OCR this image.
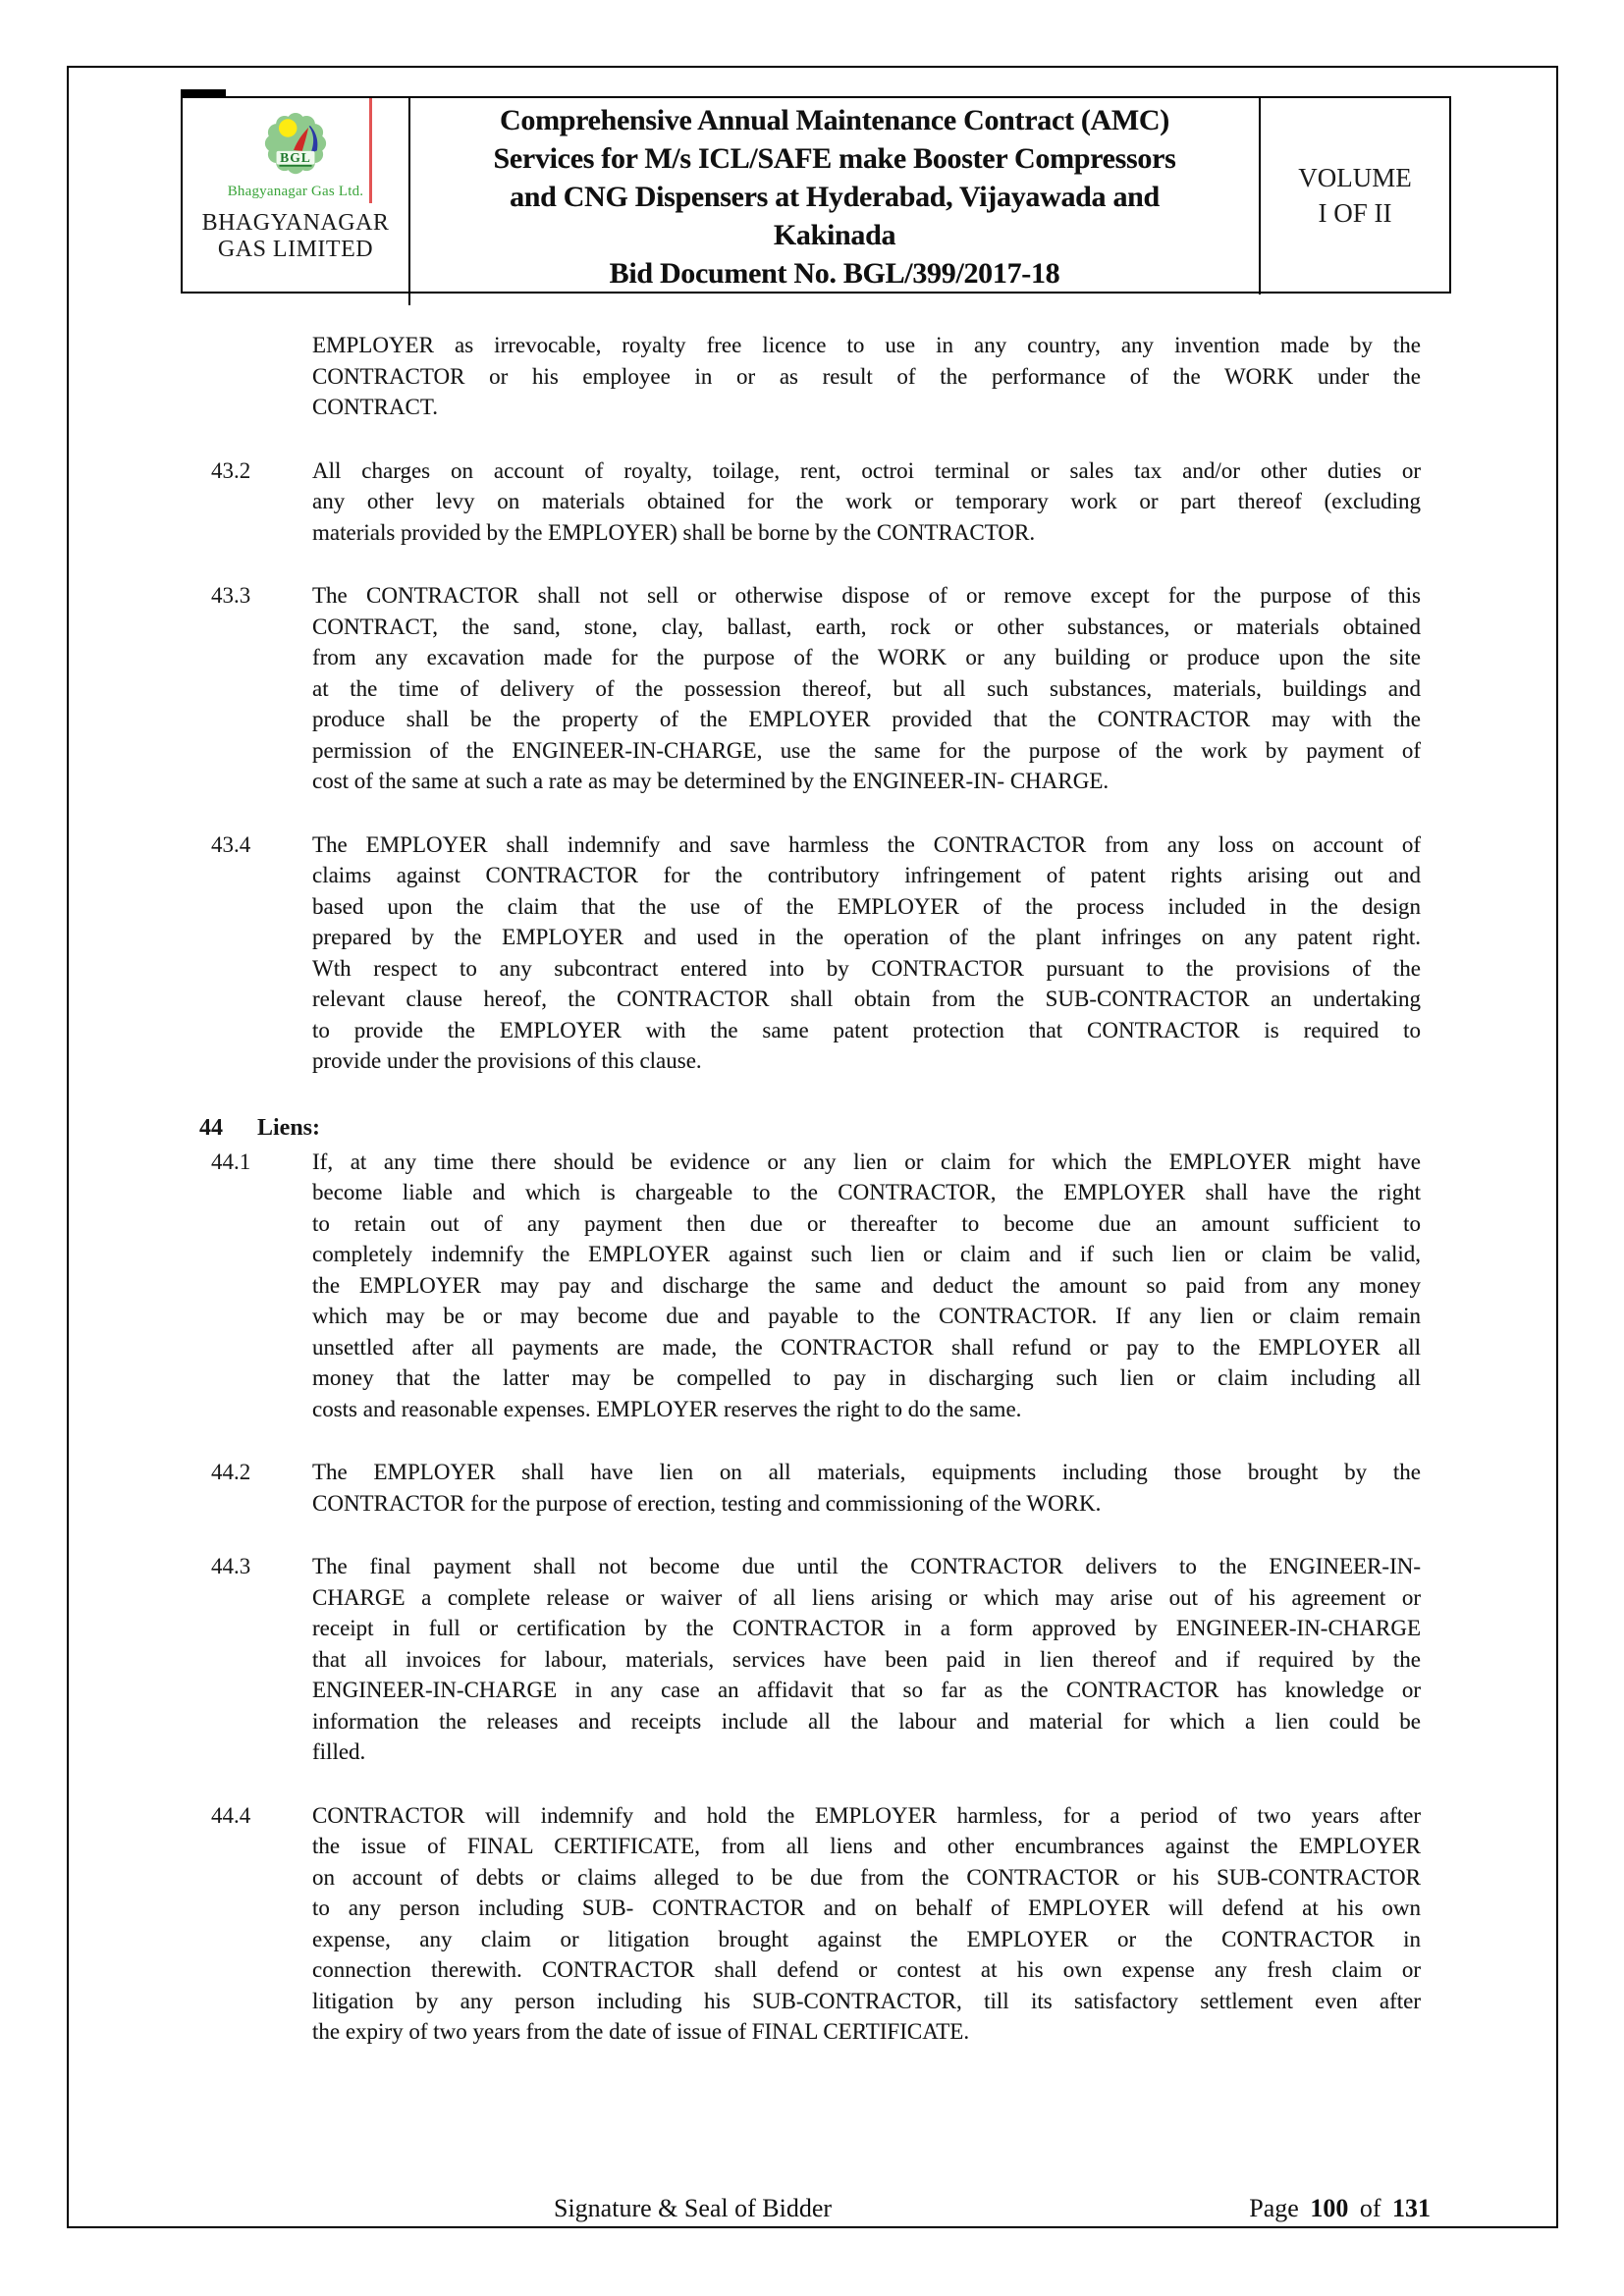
BGL
Bhagyanagar Gas Ltd.
BHAGYANAGAR
GAS LIMITED
Comprehensive Annual Maintenance Contract (AMC)
Services for M/s ICL/SAFE make Booster Compressors
and CNG Dispensers at Hyderabad, Vijayawada and
Kakinada
Bid Document No. BGL/399/2017-18
VOLUME
I OF II
EMPLOYER as irrevocable, royalty free licence to use in any country, any invention made by the
CONTRACTOR or his employee in or as result of the performance of the WORK under the
CONTRACT.
43.2	All charges on account of royalty, toilage, rent, octroi terminal or sales tax and/or other duties or
any other levy on materials obtained for the work or temporary work or part thereof (excluding
materials provided by the EMPLOYER) shall be borne by the CONTRACTOR.
43.3	The CONTRACTOR shall not sell or otherwise dispose of or remove except for the purpose of this
CONTRACT, the sand, stone, clay, ballast, earth, rock or other substances, or materials obtained
from any excavation made for the purpose of the WORK or any building or produce upon the site
at the time of delivery of the possession thereof, but all such substances, materials, buildings and
produce shall be the property of the EMPLOYER provided that the CONTRACTOR may with the
permission of the ENGINEER-IN-CHARGE, use the same for the purpose of the work by payment of
cost of the same at such a rate as may be determined by the ENGINEER-IN- CHARGE.
43.4	The EMPLOYER shall indemnify and save harmless the CONTRACTOR from any loss on account of
claims against CONTRACTOR for the contributory infringement of patent rights arising out and
based upon the claim that the use of the EMPLOYER of the process included in the design
prepared by the EMPLOYER and used in the operation of the plant infringes on any patent right.
Wth respect to any subcontract entered into by CONTRACTOR pursuant to the provisions of the
relevant clause hereof, the CONTRACTOR shall obtain from the SUB-CONTRACTOR an undertaking
to provide the EMPLOYER with the same patent protection that CONTRACTOR is required to
provide under the provisions of this clause.
44	Liens:
44.1	If, at any time there should be evidence or any lien or claim for which the EMPLOYER might have
become liable and which is chargeable to the CONTRACTOR, the EMPLOYER shall have the right
to retain out of any payment then due or thereafter to become due an amount sufficient to
completely indemnify the EMPLOYER against such lien or claim and if such lien or claim be valid,
the EMPLOYER may pay and discharge the same and deduct the amount so paid from any money
which may be or may become due and payable to the CONTRACTOR. If any lien or claim remain
unsettled after all payments are made, the CONTRACTOR shall refund or pay to the EMPLOYER all
money that the latter may be compelled to pay in discharging such lien or claim including all
costs and reasonable expenses. EMPLOYER reserves the right to do the same.
44.2	The EMPLOYER shall have lien on all materials, equipments including those brought by the
CONTRACTOR for the purpose of erection, testing and commissioning of the WORK.
44.3	The final payment shall not become due until the CONTRACTOR delivers to the ENGINEER-IN-
CHARGE a complete release or waiver of all liens arising or which may arise out of his agreement or
receipt in full or certification by the CONTRACTOR in a form approved by ENGINEER-IN-CHARGE
that all invoices for labour, materials, services have been paid in lien thereof and if required by the
ENGINEER-IN-CHARGE in any case an affidavit that so far as the CONTRACTOR has knowledge or
information the releases and receipts include all the labour and material for which a lien could be
filled.
44.4	CONTRACTOR will indemnify and hold the EMPLOYER harmless, for a period of two years after
the issue of FINAL CERTIFICATE, from all liens and other encumbrances against the EMPLOYER
on account of debts or claims alleged to be due from the CONTRACTOR or his SUB-CONTRACTOR
to any person including SUB- CONTRACTOR and on behalf of EMPLOYER will defend at his own
expense, any claim or litigation brought against the EMPLOYER or the CONTRACTOR in
connection therewith. CONTRACTOR shall defend or contest at his own expense any fresh claim or
litigation by any person including his SUB-CONTRACTOR, till its satisfactory settlement even after
the expiry of two years from the date of issue of FINAL CERTIFICATE.
Signature & Seal of Bidder	Page 100 of 131
